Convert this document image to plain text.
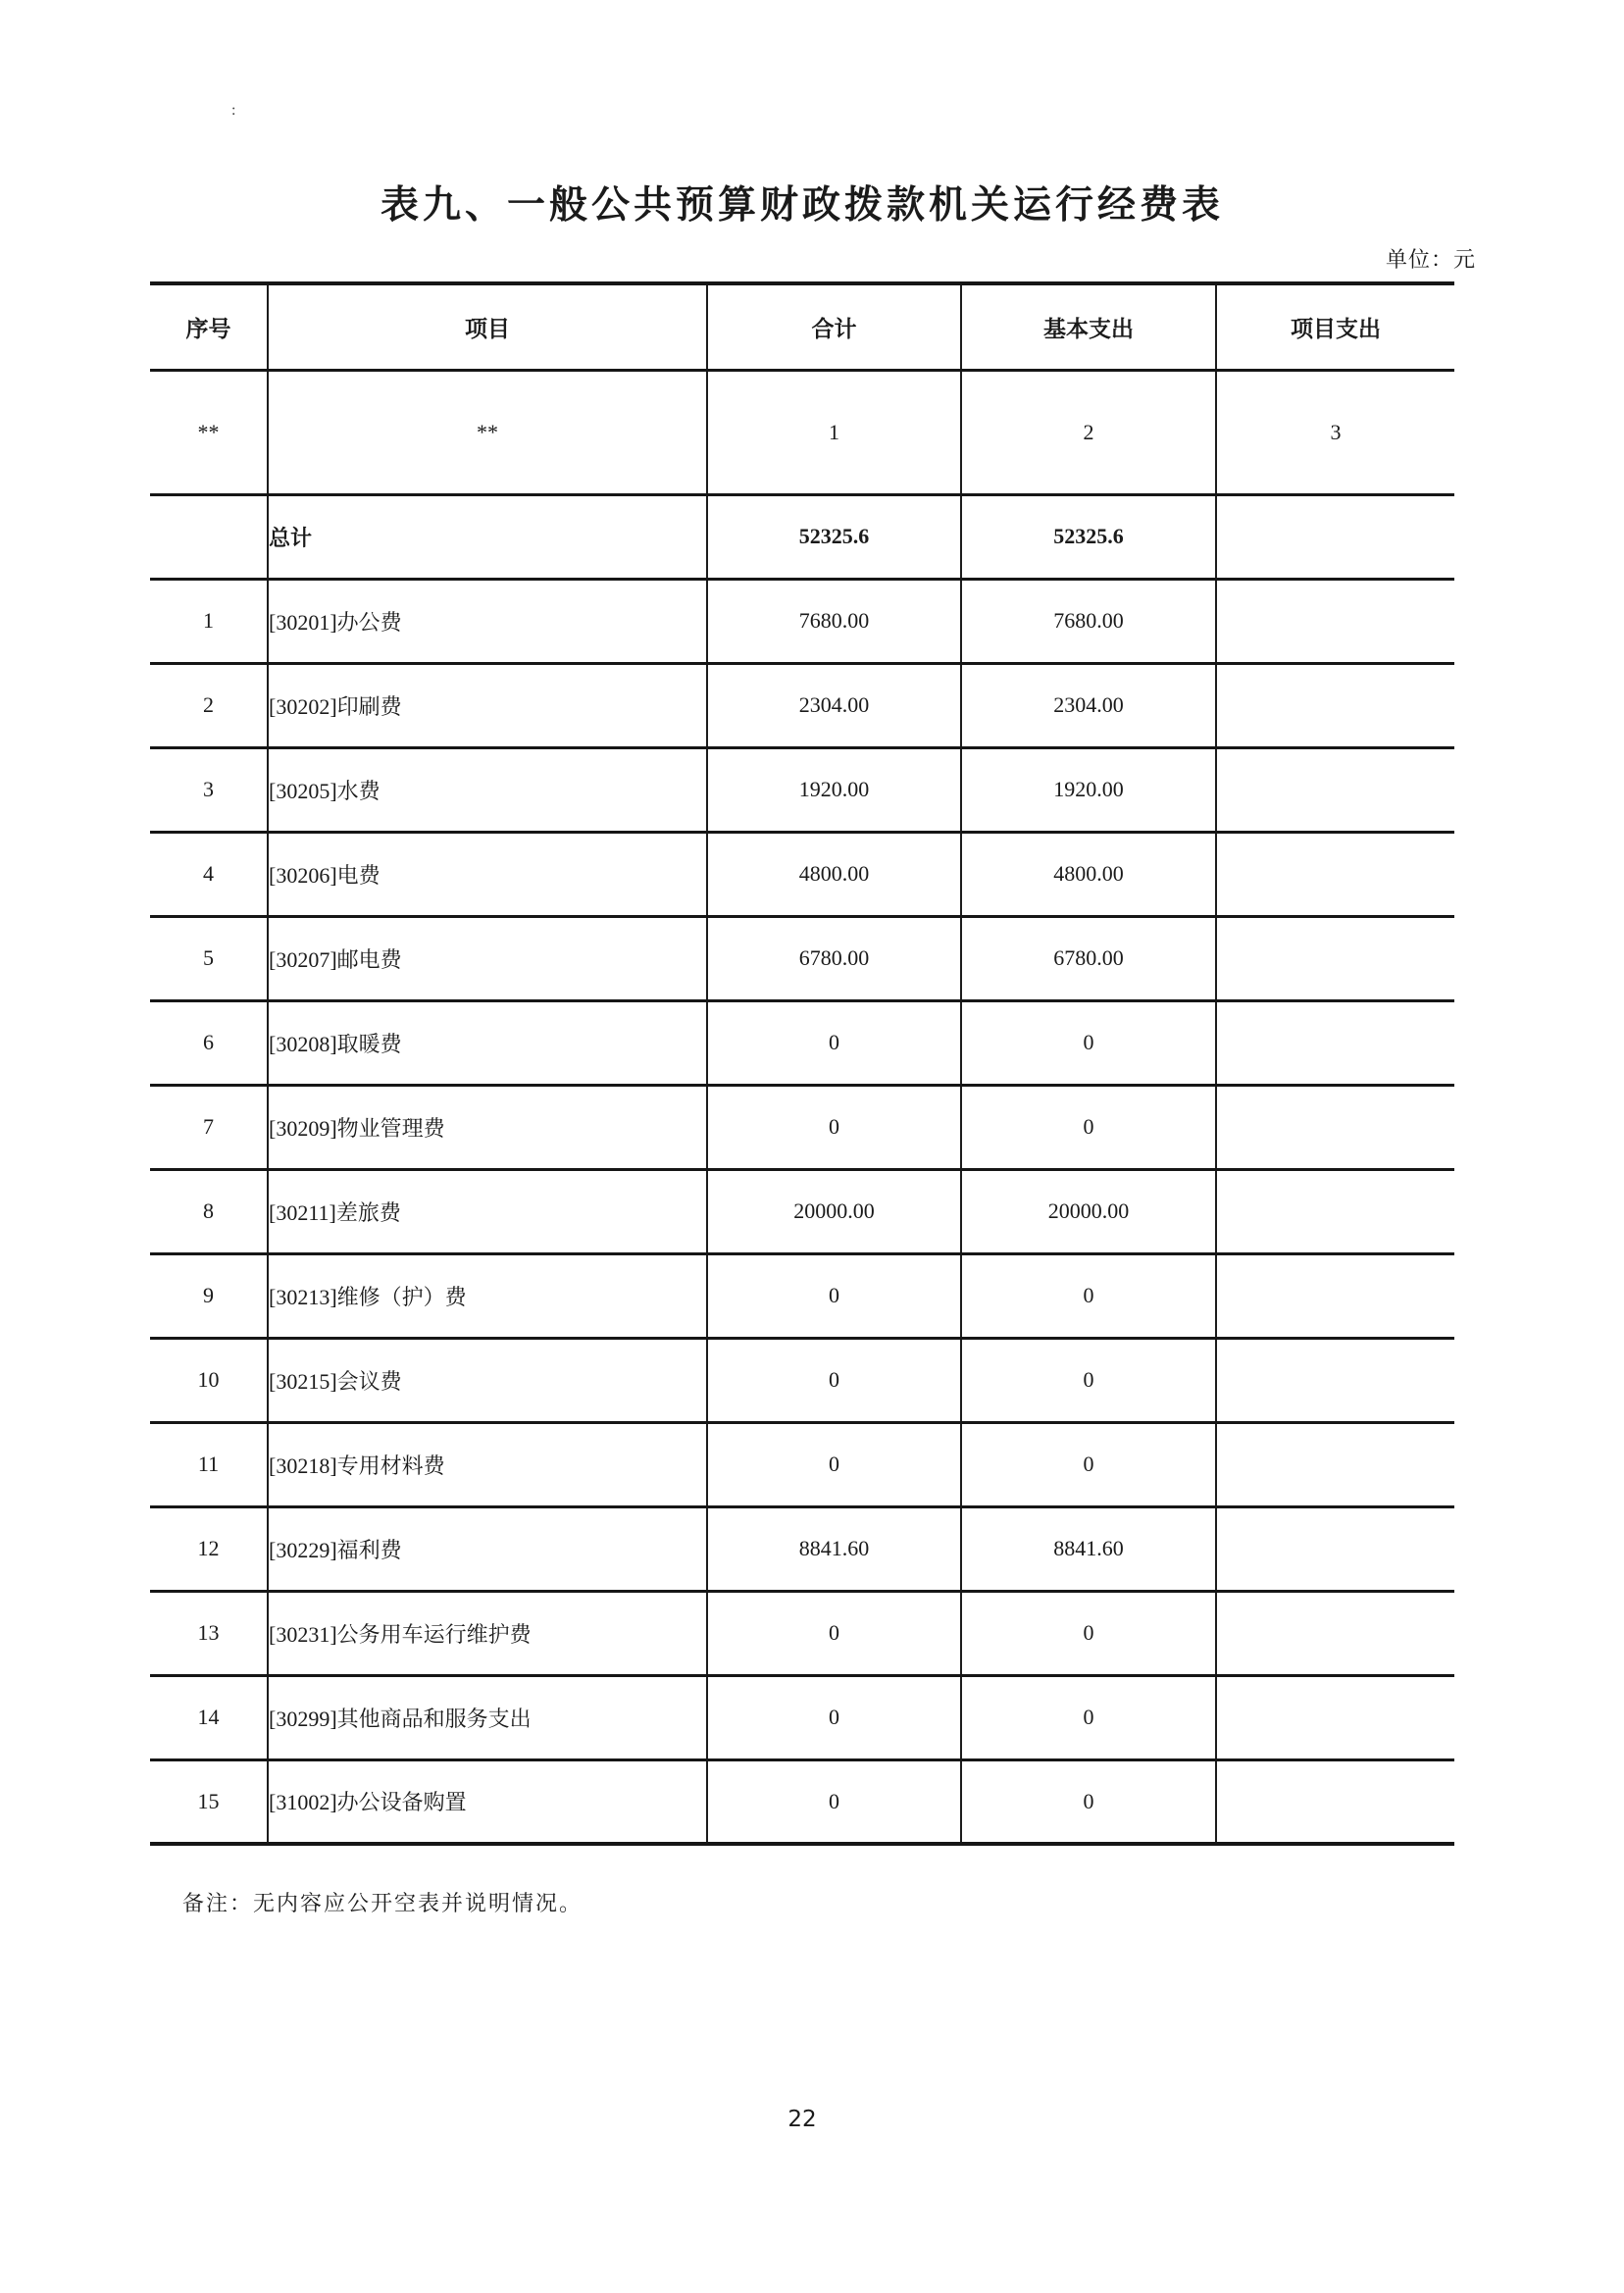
:
表九、一般公共预算财政拨款机关运行经费表
单位：元
序号	项目	合计	基本支出	项目支出
**	**	1	2	3
	总计	52325.6	52325.6	
1	[30201]办公费	7680.00	7680.00	
2	[30202]印刷费	2304.00	2304.00	
3	[30205]水费	1920.00	1920.00	
4	[30206]电费	4800.00	4800.00	
5	[30207]邮电费	6780.00	6780.00	
6	[30208]取暖费	0	0	
7	[30209]物业管理费	0	0	
8	[30211]差旅费	20000.00	20000.00	
9	[30213]维修（护）费	0	0	
10	[30215]会议费	0	0	
11	[30218]专用材料费	0	0	
12	[30229]福利费	8841.60	8841.60	
13	[30231]公务用车运行维护费	0	0	
14	[30299]其他商品和服务支出	0	0	
15	[31002]办公设备购置	0	0	
备注：无内容应公开空表并说明情况。
22
